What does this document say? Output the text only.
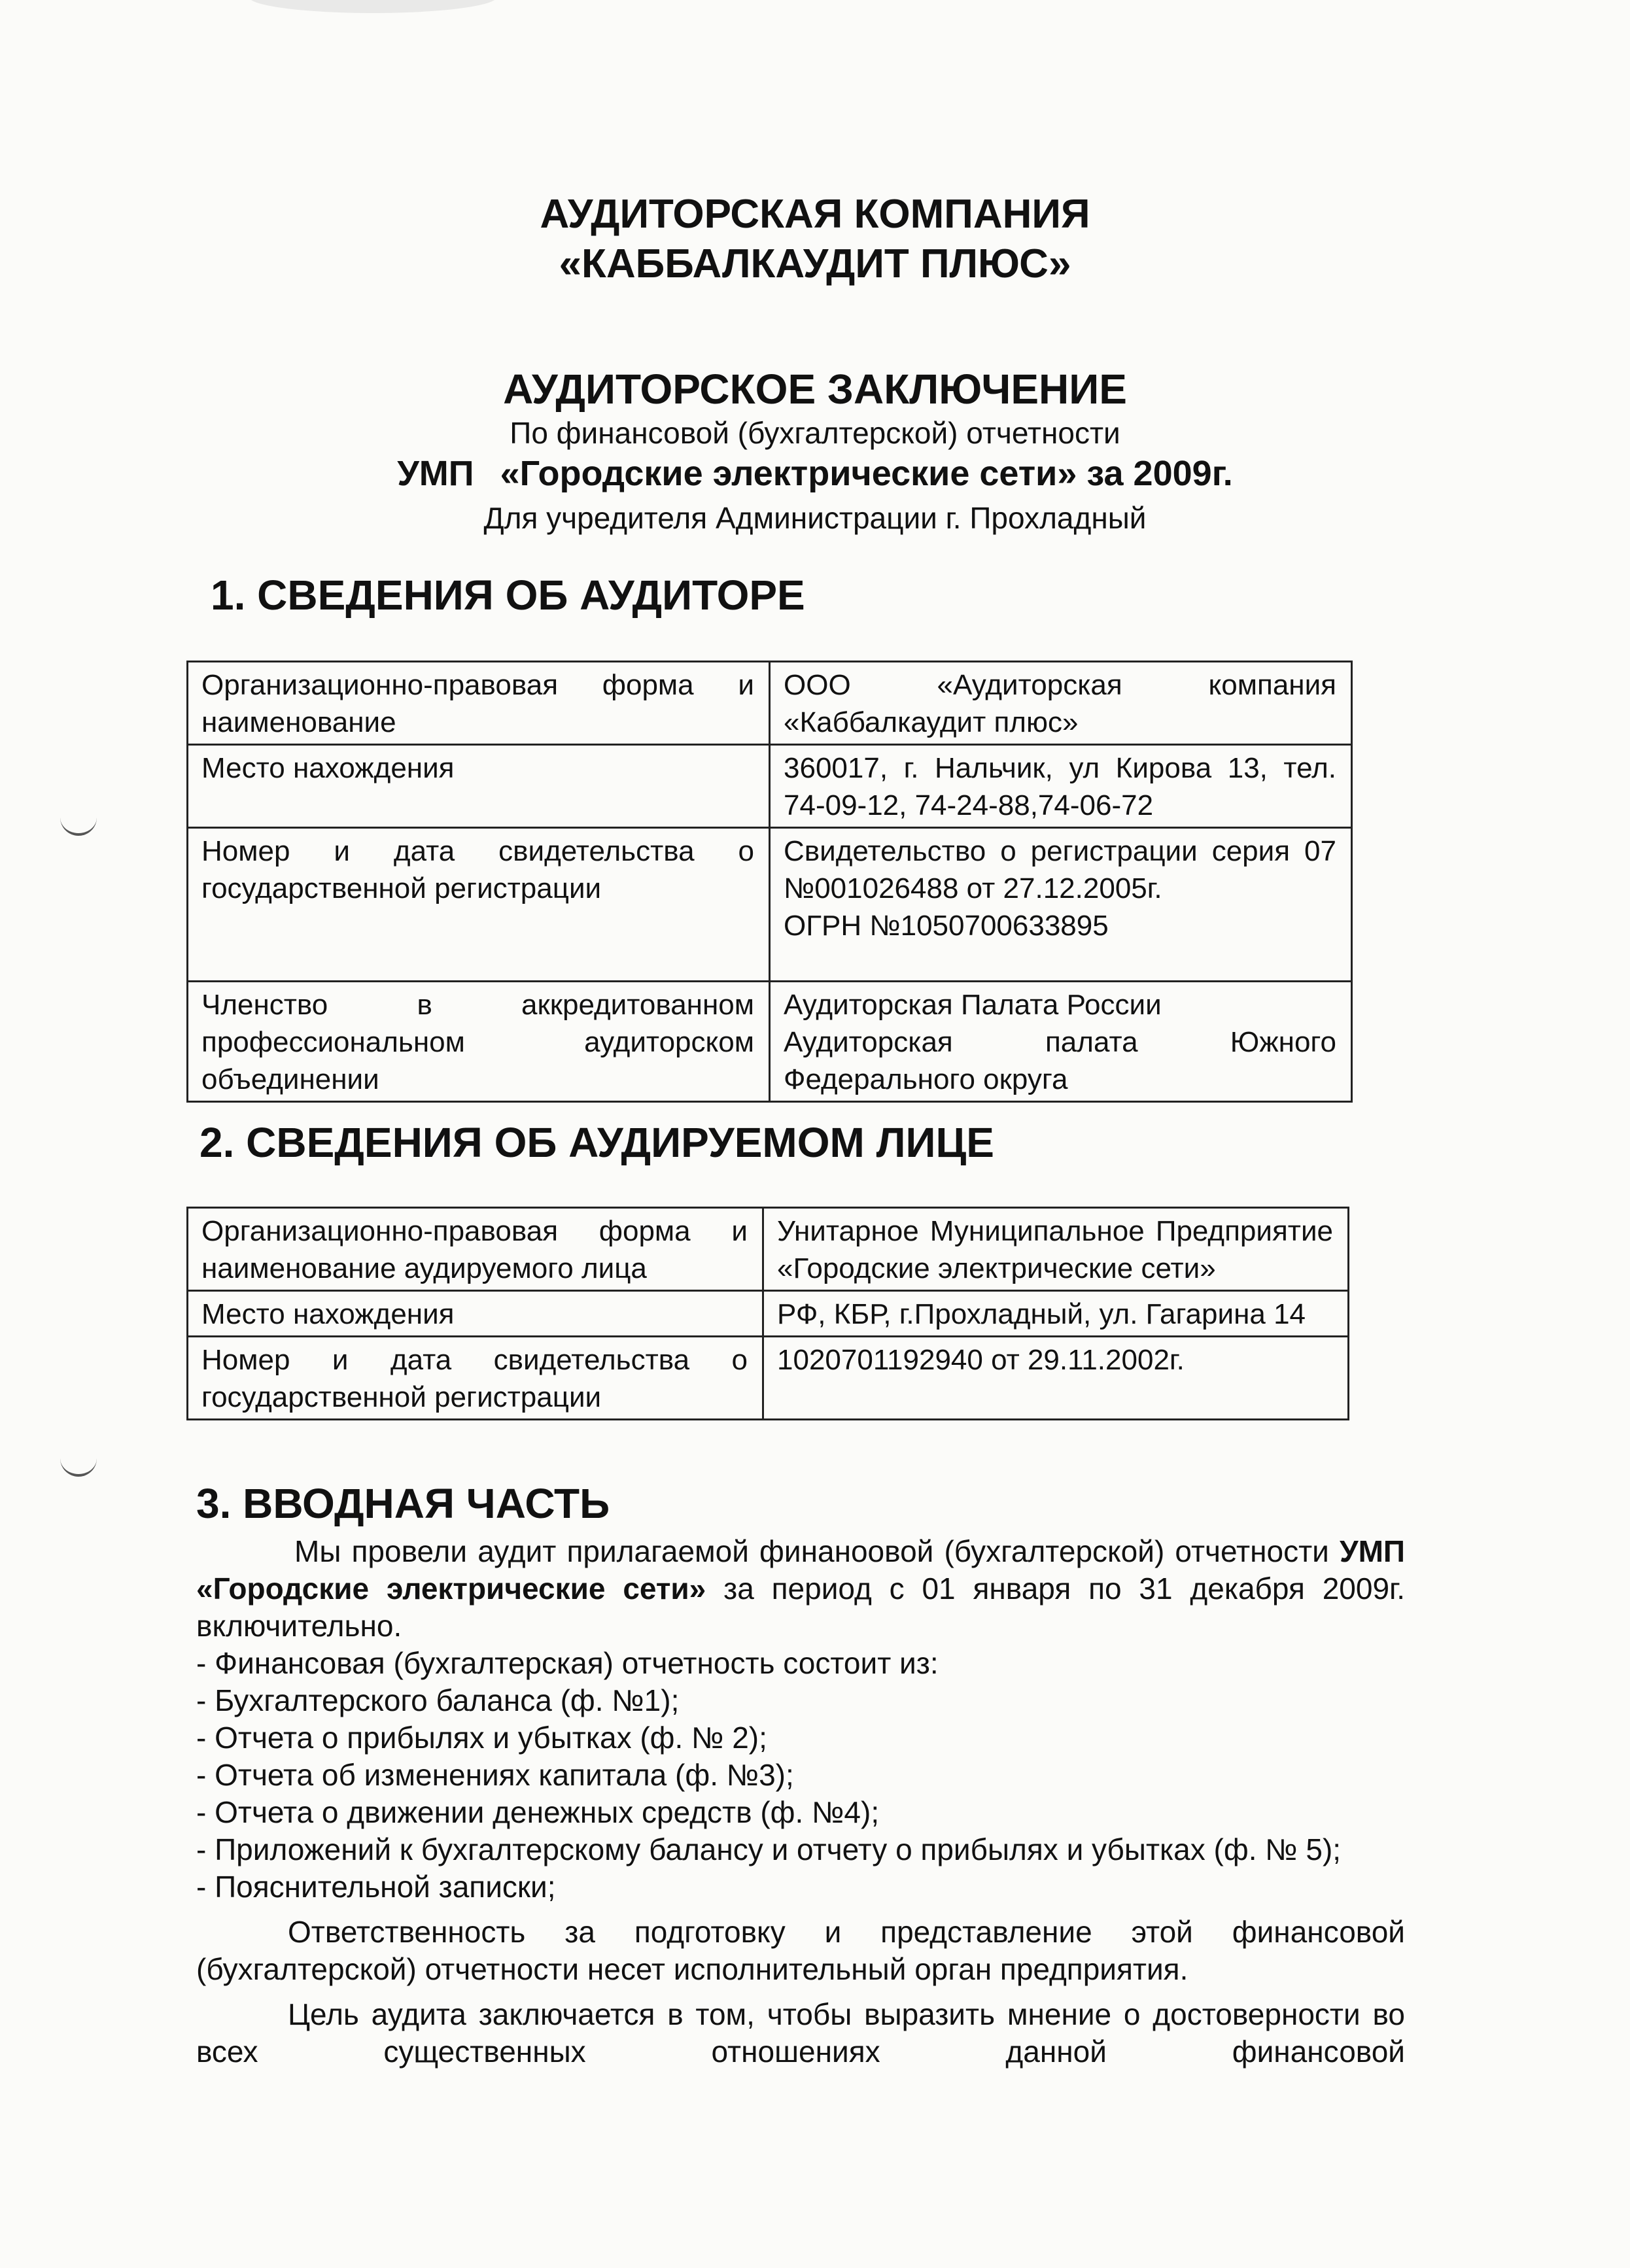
АУДИТОРСКАЯ КОМПАНИЯ
«КАББАЛКАУДИТ ПЛЮС»
АУДИТОРСКОЕ ЗАКЛЮЧЕНИЕ
По финансовой (бухгалтерской) отчетности
УМП «Городские электрические сети» за 2009г.
Для учредителя Администрации г. Прохладный
1. СВЕДЕНИЯ ОБ АУДИТОРЕ
Организационно-правовая форма и наименование	ООО «Аудиторская компания «Каббалкаудит плюс»
Место нахождения	360017, г. Нальчик, ул Кирова 13, тел. 74-09-12, 74-24-88,74-06-72
Номер и дата свидетельства о государственной регистрации	Свидетельство о регистрации серия 07 №001026488 от 27.12.2005г.
ОГРН №1050700633895

Членство в аккредитованном профессиональном аудиторском объединении	Аудиторская Палата России
Аудиторская палата Южного Федерального округа
2. СВЕДЕНИЯ ОБ АУДИРУЕМОМ ЛИЦЕ
Организационно-правовая форма и наименование аудируемого лица	Унитарное Муниципальное Предприятие «Городские электрические сети»
Место нахождения	РФ, КБР, г.Прохладный, ул. Гагарина 14
Номер и дата свидетельства о государственной регистрации	1020701192940 от 29.11.2002г.
3. ВВОДНАЯ ЧАСТЬ

Мы провели аудит прилагаемой финаноовой (бухгалтерской) отчетности УМП «Городские электрические сети» за период с 01 января по 31 декабря 2009г. включительно.

- Финансовая (бухгалтерская) отчетность состоит из:

- Бухгалтерского баланса (ф. №1);

- Отчета о прибылях и убытках (ф. № 2);

- Отчета об изменениях капитала (ф. №3);

- Отчета о движении денежных средств (ф. №4);

- Приложений к бухгалтерскому балансу и отчету о прибылях и убытках (ф. № 5);

- Пояснительной записки;

Ответственность за подготовку и представление этой финансовой (бухгалтерской) отчетности несет исполнительный орган предприятия.

Цель аудита заключается в том, чтобы выразить мнение о достоверности во всех существенных отношениях данной финансовой
